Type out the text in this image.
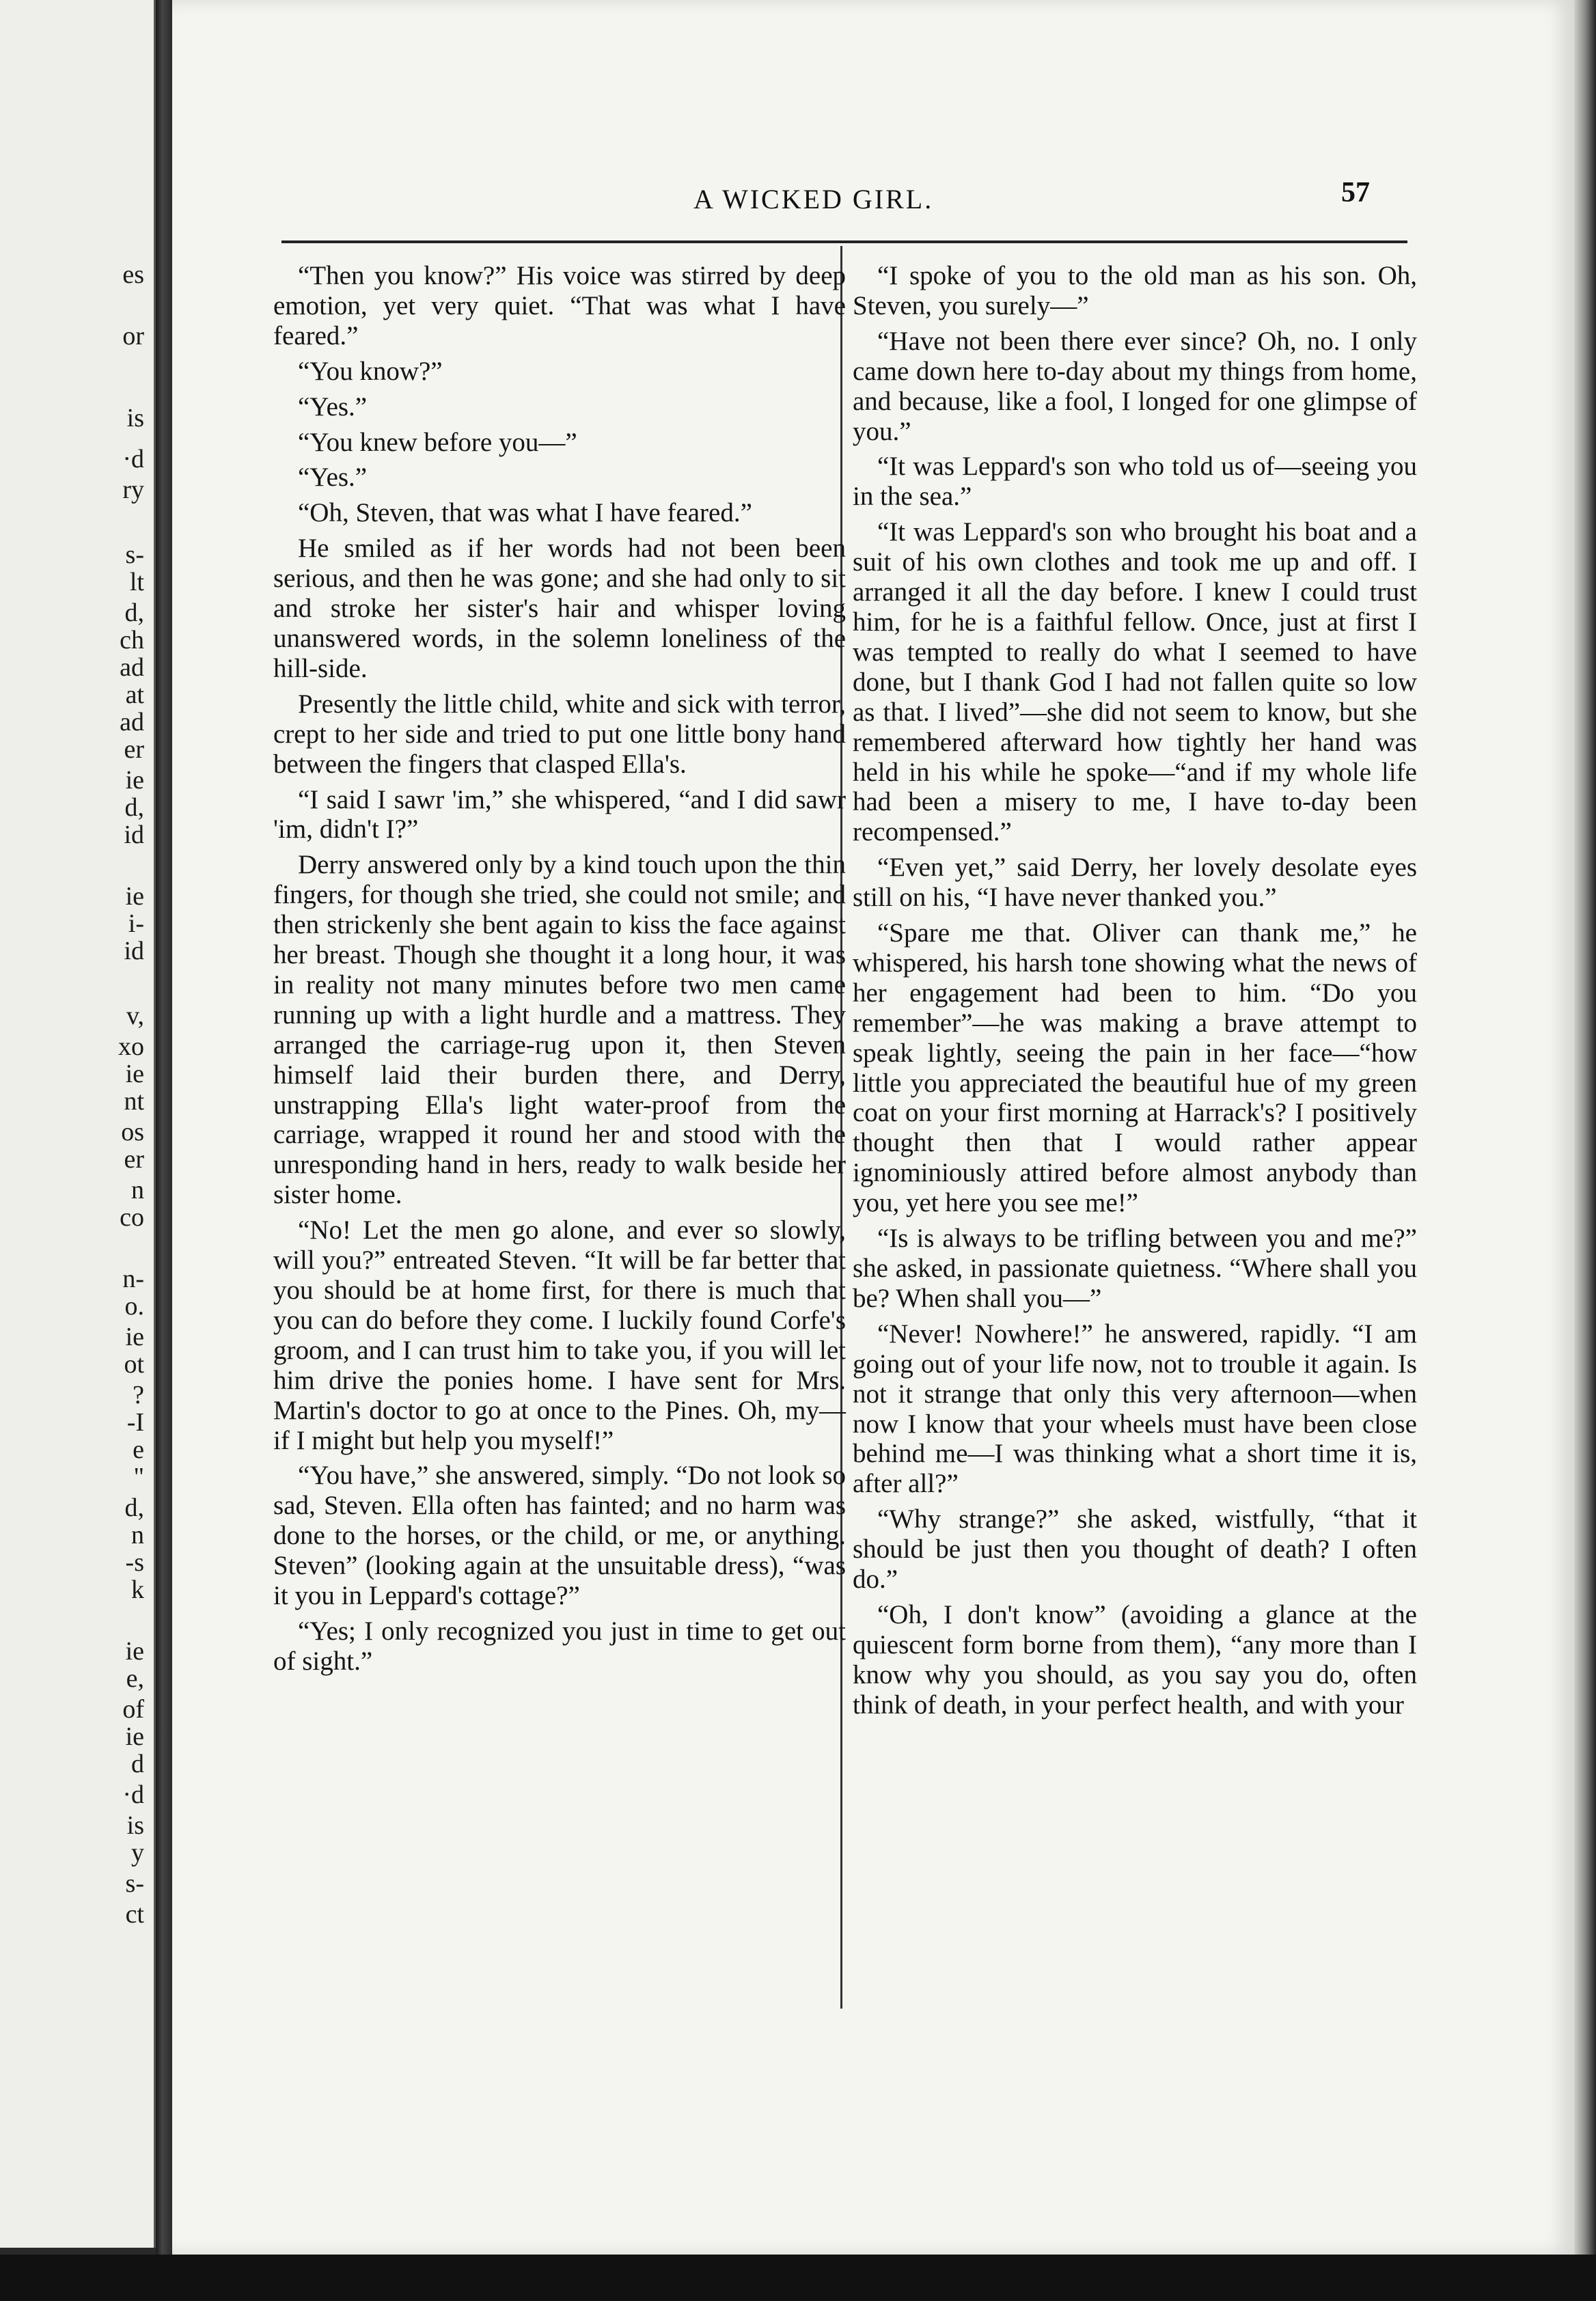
es
or
is
·d
ry
s-
lt
d,
ch
ad
at
ad
er
ie
d,
id
ie
i-
id
v,
xo
ie
nt
os
er
n
co
n-
o.
ie
ot
?
-I
e
"
d,
n
-s
k
ie
e,
of
ie
d
·d
is
y
s-
ct
A WICKED GIRL.	57

“Then you know?” His voice was stirred by deep emotion, yet very quiet. “That was what I have feared.”

“You know?”

“Yes.”

“You knew before you—”

“Yes.”

“Oh, Steven, that was what I have feared.”

He smiled as if her words had not been been serious, and then he was gone; and she had only to sit and stroke her sister's hair and whisper loving unanswered words, in the solemn loneliness of the hill-side.

Presently the little child, white and sick with terror, crept to her side and tried to put one little bony hand between the fingers that clasped Ella's.

“I said I sawr 'im,” she whispered, “and I did sawr 'im, didn't I?”

Derry answered only by a kind touch upon the thin fingers, for though she tried, she could not smile; and then strickenly she bent again to kiss the face against her breast. Though she thought it a long hour, it was in reality not many minutes before two men came running up with a light hurdle and a mattress. They arranged the carriage-rug upon it, then Steven himself laid their burden there, and Derry, unstrapping Ella's light water-proof from the carriage, wrapped it round her and stood with the unresponding hand in hers, ready to walk beside her sister home.

“No! Let the men go alone, and ever so slowly, will you?” entreated Steven. “It will be far better that you should be at home first, for there is much that you can do before they come. I luckily found Corfe's groom, and I can trust him to take you, if you will let him drive the ponies home. I have sent for Mrs. Martin's doctor to go at once to the Pines. Oh, my—if I might but help you myself!”

“You have,” she answered, simply. “Do not look so sad, Steven. Ella often has fainted; and no harm was done to the horses, or the child, or me, or anything. Steven” (looking again at the unsuitable dress), “was it you in Leppard's cottage?”

“Yes; I only recognized you just in time to get out of sight.”

“I spoke of you to the old man as his son. Oh, Steven, you surely—”

“Have not been there ever since? Oh, no. I only came down here to-day about my things from home, and because, like a fool, I longed for one glimpse of you.”

“It was Leppard's son who told us of—seeing you in the sea.”

“It was Leppard's son who brought his boat and a suit of his own clothes and took me up and off. I arranged it all the day before. I knew I could trust him, for he is a faithful fellow. Once, just at first I was tempted to really do what I seemed to have done, but I thank God I had not fallen quite so low as that. I lived”—she did not seem to know, but she remembered afterward how tightly her hand was held in his while he spoke—“and if my whole life had been a misery to me, I have to-day been recompensed.”

“Even yet,” said Derry, her lovely desolate eyes still on his, “I have never thanked you.”

“Spare me that. Oliver can thank me,” he whispered, his harsh tone showing what the news of her engagement had been to him. “Do you remember”—he was making a brave attempt to speak lightly, seeing the pain in her face—“how little you appreciated the beautiful hue of my green coat on your first morning at Harrack's? I positively thought then that I would rather appear ignominiously attired before almost anybody than you, yet here you see me!”

“Is is always to be trifling between you and me?” she asked, in passionate quietness. “Where shall you be? When shall you—”

“Never! Nowhere!” he answered, rapidly. “I am going out of your life now, not to trouble it again. Is not it strange that only this very afternoon—when now I know that your wheels must have been close behind me—I was thinking what a short time it is, after all?”

“Why strange?” she asked, wistfully, “that it should be just then you thought of death? I often do.”

“Oh, I don't know” (avoiding a glance at the quiescent form borne from them), “any more than I know why you should, as you say you do, often think of death, in your perfect health, and with your
